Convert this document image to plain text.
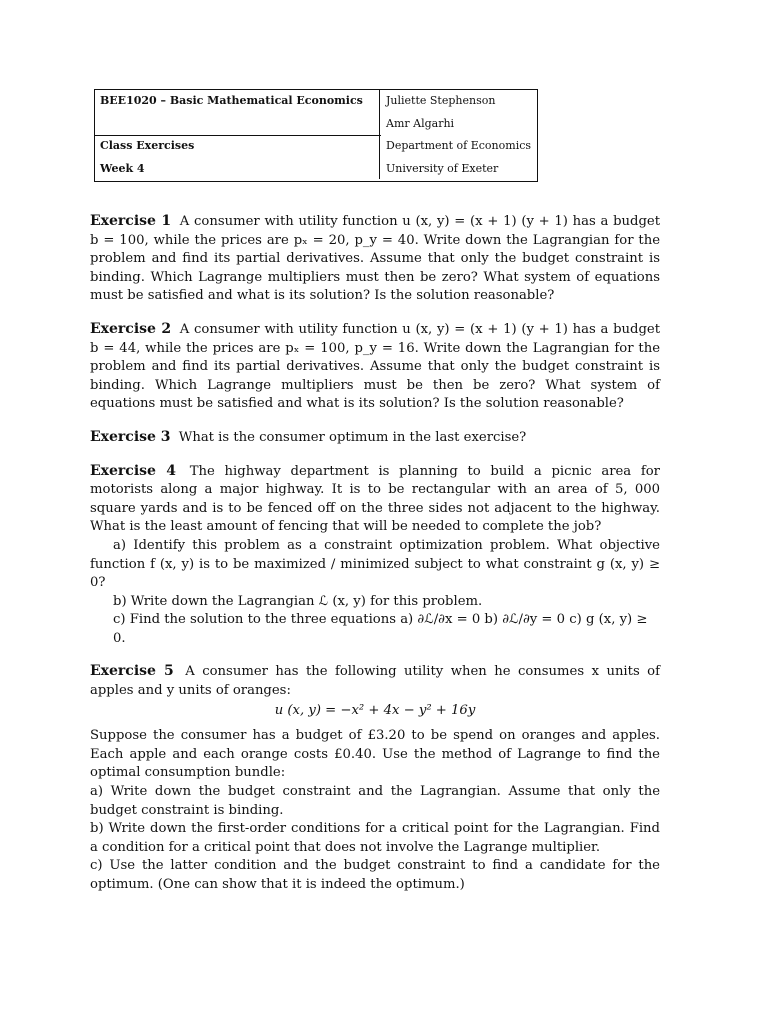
BEE1020 – Basic Mathematical Economics	Juliette Stephenson
	Amr Algarhi
Class Exercises	Department of Economics
Week 4	University of Exeter
Exercise 1 A consumer with utility function u (x, y) = (x + 1) (y + 1) has a budget b = 100, while the prices are pₓ = 20, p_y = 40. Write down the Lagrangian for the problem and find its partial derivatives. Assume that only the budget constraint is binding. Which Lagrange multipliers must then be zero? What system of equations must be satisfied and what is its solution? Is the solution reasonable?
Exercise 2 A consumer with utility function u (x, y) = (x + 1) (y + 1) has a budget b = 44, while the prices are pₓ = 100, p_y = 16. Write down the Lagrangian for the problem and find its partial derivatives. Assume that only the budget constraint is binding. Which Lagrange multipliers must be then be zero? What system of equations must be satisfied and what is its solution? Is the solution reasonable?
Exercise 3 What is the consumer optimum in the last exercise?
Exercise 4 The highway department is planning to build a picnic area for motorists along a major highway. It is to be rectangular with an area of 5, 000 square yards and is to be fenced off on the three sides not adjacent to the highway. What is the least amount of fencing that will be needed to complete the job?
a) Identify this problem as a constraint optimization problem. What objective function f (x, y) is to be maximized / minimized subject to what constraint g (x, y) ≥ 0?
b) Write down the Lagrangian ℒ (x, y) for this problem.
c) Find the solution to the three equations a) ∂ℒ/∂x = 0 b) ∂ℒ/∂y = 0 c) g (x, y) ≥ 0.
Exercise 5 A consumer has the following utility when he consumes x units of apples and y units of oranges:
u (x, y) = −x² + 4x − y² + 16y
Suppose the consumer has a budget of £3.20 to be spend on oranges and apples. Each apple and each orange costs £0.40. Use the method of Lagrange to find the optimal consumption bundle:
a) Write down the budget constraint and the Lagrangian. Assume that only the budget constraint is binding.
b) Write down the first-order conditions for a critical point for the Lagrangian. Find a condition for a critical point that does not involve the Lagrange multiplier.
c) Use the latter condition and the budget constraint to find a candidate for the optimum. (One can show that it is indeed the optimum.)
